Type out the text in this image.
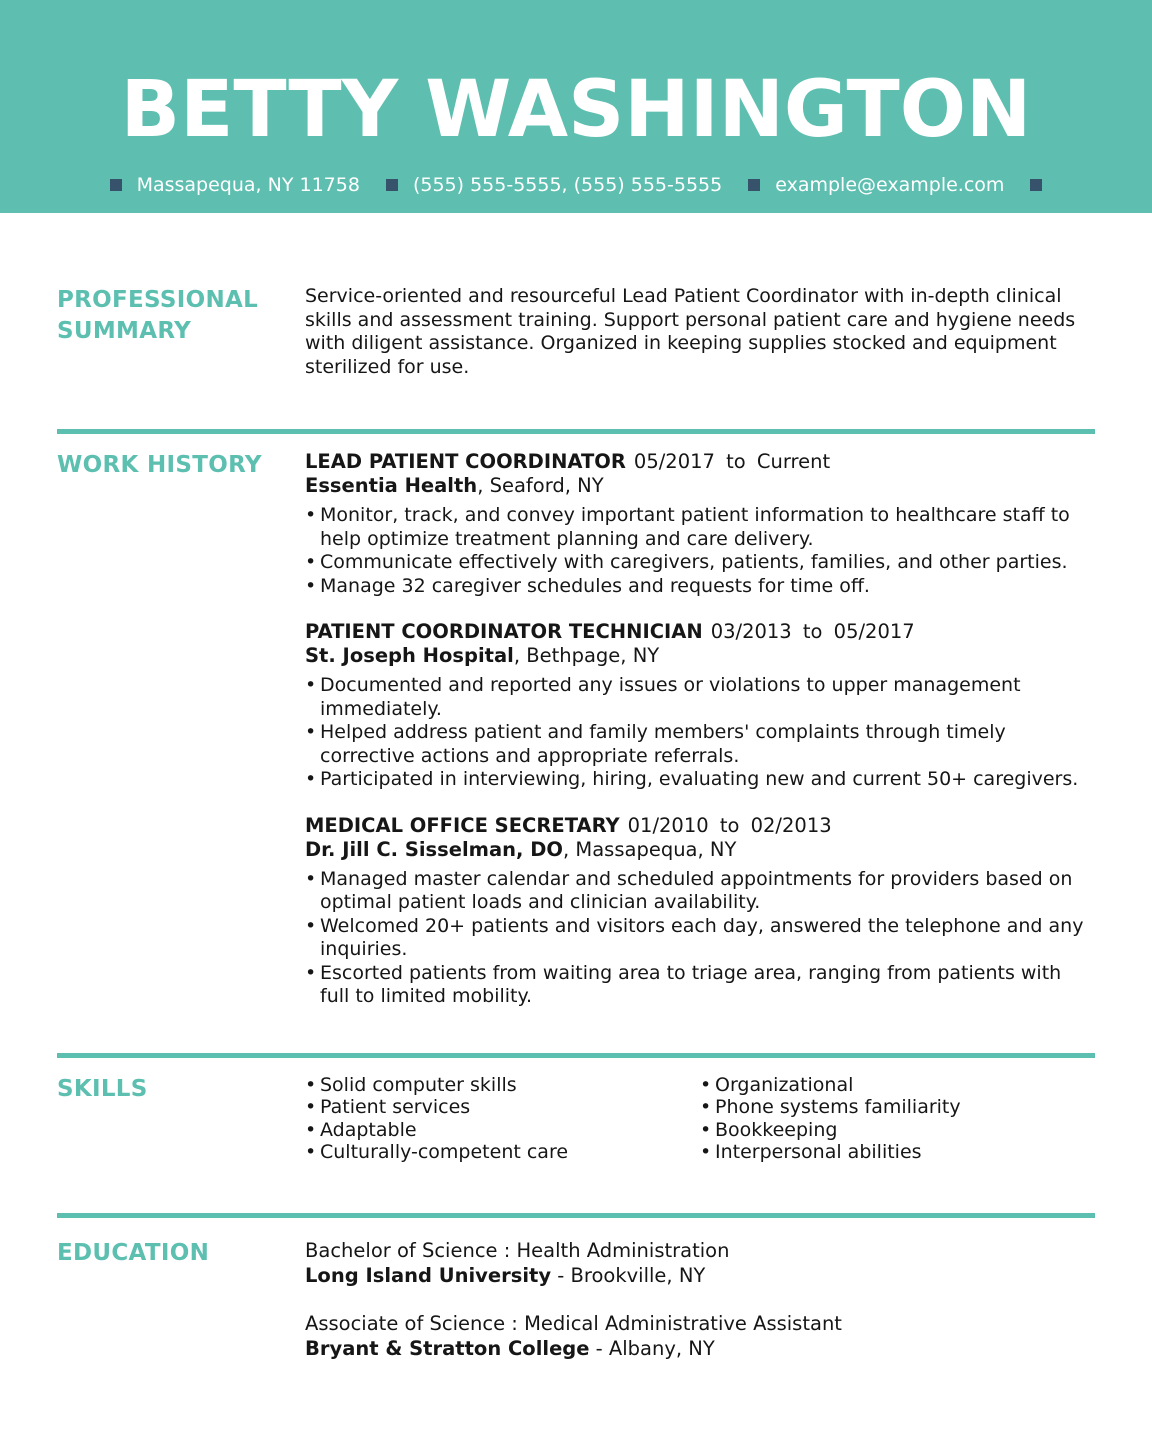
BETTY WASHINGTON
Massapequa, NY 11758	(555) 555-5555, (555) 555-5555	example@example.com
PROFESSIONAL
SUMMARY
Service-oriented and resourceful Lead Patient Coordinator with in-depth clinical skills and assessment training. Support personal patient care and hygiene needs with diligent assistance. Organized in keeping supplies stocked and equipment sterilized for use.
WORK HISTORY	LEAD PATIENT COORDINATOR 05/2017 to Current
Essentia Health, Seaford, NY
• Monitor, track, and convey important patient information to healthcare staff to help optimize treatment planning and care delivery.
• Communicate effectively with caregivers, patients, families, and other parties.
• Manage 32 caregiver schedules and requests for time off.
PATIENT COORDINATOR TECHNICIAN 03/2013 to 05/2017
St. Joseph Hospital, Bethpage, NY
• Documented and reported any issues or violations to upper management immediately.
• Helped address patient and family members' complaints through timely corrective actions and appropriate referrals.
• Participated in interviewing, hiring, evaluating new and current 50+ caregivers.
MEDICAL OFFICE SECRETARY 01/2010 to 02/2013
Dr. Jill C. Sisselman, DO, Massapequa, NY
• Managed master calendar and scheduled appointments for providers based on optimal patient loads and clinician availability.
• Welcomed 20+ patients and visitors each day, answered the telephone and any inquiries.
• Escorted patients from waiting area to triage area, ranging from patients with full to limited mobility.
SKILLS	• Solid computer skills
• Patient services
• Adaptable
• Culturally-competent care
• Organizational
• Phone systems familiarity
• Bookkeeping
• Interpersonal abilities
EDUCATION	Bachelor of Science : Health Administration
Long Island University - Brookville, NY
Associate of Science : Medical Administrative Assistant
Bryant & Stratton College - Albany, NY
